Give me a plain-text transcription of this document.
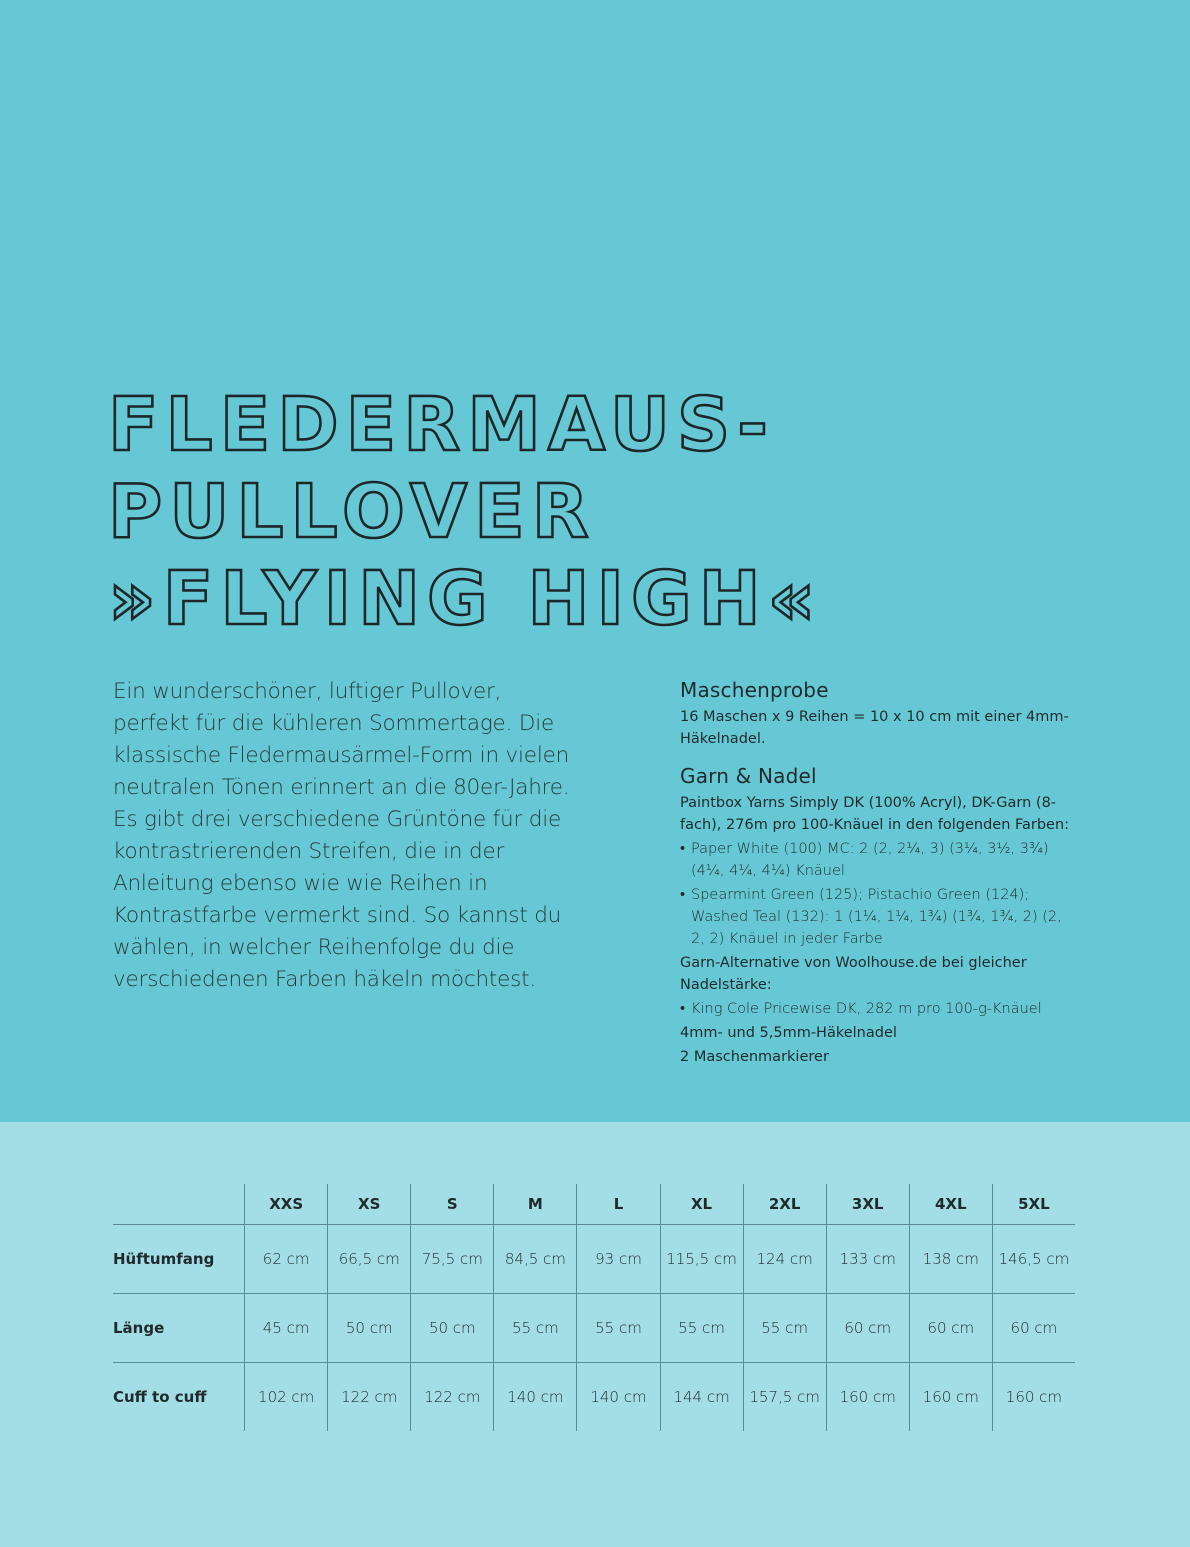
FLEDERMAUS-
PULLOVER
»FLYING HIGH«

Ein wunderschöner, luftiger Pullover, perfekt für die kühleren Sommertage. Die klassische Fledermausärmel-Form in vielen neutralen Tönen erinnert an die 80er-Jahre. Es gibt drei verschiedene Grüntöne für die kontrastrierenden Streifen, die in der Anleitung ebenso wie wie Reihen in Kontrastfarbe vermerkt sind. So kannst du wählen, in welcher Reihenfolge du die verschiedenen Farben häkeln möchtest.

Maschenprobe

16 Maschen x 9 Reihen = 10 x 10 cm mit einer 4mm-Häkelnadel.

Garn & Nadel

Paintbox Yarns Simply DK (100% Acryl), DK-Garn (8-fach), 276m pro 100-Knäuel in den folgenden Farben:

• Paper White (100) MC: 2 (2, 2¼, 3) (3¼, 3½, 3¾) (4¼, 4¼, 4¼) Knäuel
• Spearmint Green (125); Pistachio Green (124); Washed Teal (132): 1 (1¼, 1¼, 1¾) (1¾, 1¾, 2) (2, 2, 2) Knäuel in jeder Farbe

Garn-Alternative von Woolhouse.de bei gleicher Nadelstärke:

• King Cole Pricewise DK, 282 m pro 100-g-Knäuel

4mm- und 5,5mm-Häkelnadel

2 Maschenmarkierer

	XXS	XS	S	M	L	XL	2XL	3XL	4XL	5XL
Hüftumfang	62 cm	66,5 cm	75,5 cm	84,5 cm	93 cm	115,5 cm	124 cm	133 cm	138 cm	146,5 cm
Länge	45 cm	50 cm	50 cm	55 cm	55 cm	55 cm	55 cm	60 cm	60 cm	60 cm
Cuff to cuff	102 cm	122 cm	122 cm	140 cm	140 cm	144 cm	157,5 cm	160 cm	160 cm	160 cm
